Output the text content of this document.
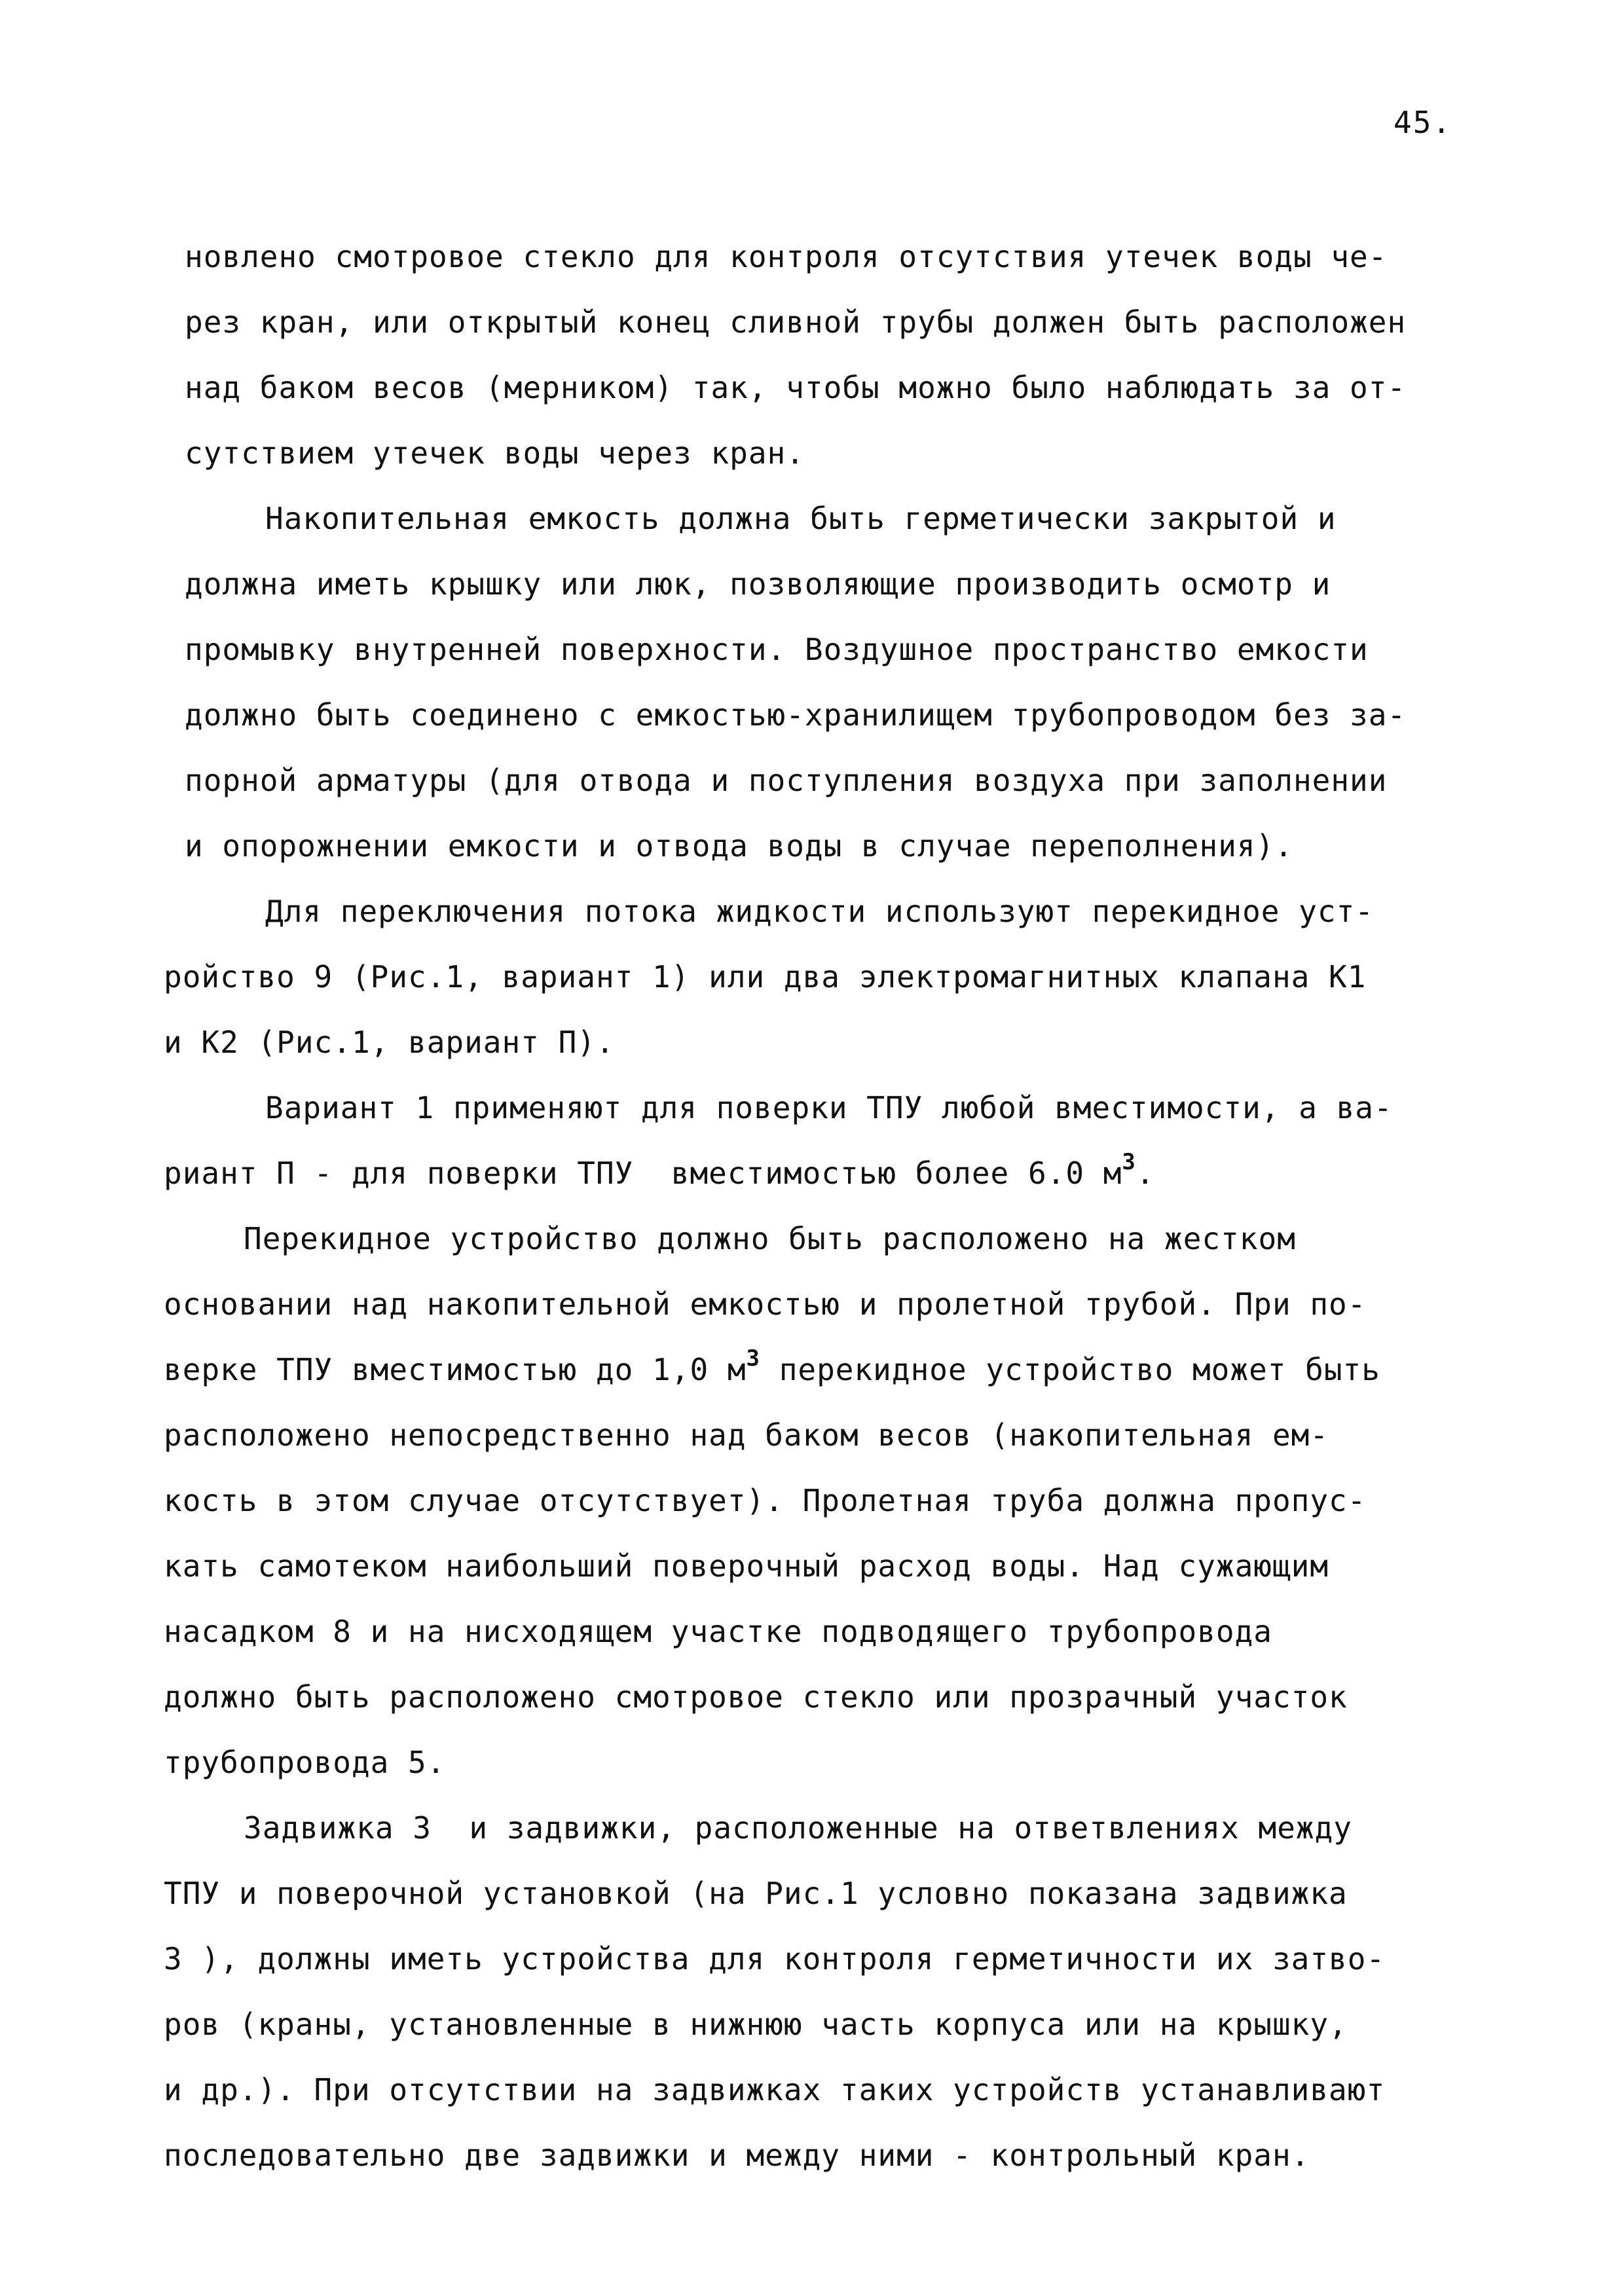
45.
новлено смотровое стекло для контроля отсутствия утечек воды че-
рез кран, или открытый конец сливной трубы должен быть расположен
над баком весов (мерником) так, чтобы можно было наблюдать за от-
сутствием утечек воды через кран.
Накопительная емкость должна быть герметически закрытой и
должна иметь крышку или люк, позволяющие производить осмотр и
промывку внутренней поверхности. Воздушное пространство емкости
должно быть соединено с емкостью-хранилищем трубопроводом без за-
порной арматуры (для отвода и поступления воздуха при заполнении
и опорожнении емкости и отвода воды в случае переполнения).
Для переключения потока жидкости используют перекидное уст-
ройство 9 (Рис.1, вариант 1) или два электромагнитных клапана К1
и К2 (Рис.1, вариант П).
Вариант 1 применяют для поверки ТПУ любой вместимости, а ва-
риант П - для поверки ТПУ  вместимостью более 6.0 $м^3$.
Перекидное устройство должно быть расположено на жестком
основании над накопительной емкостью и пролетной трубой. При по-
верке ТПУ вместимостью до 1,0 $м^3$ перекидное устройство может быть
расположено непосредственно над баком весов (накопительная ем-
кость в этом случае отсутствует). Пролетная труба должна пропус-
кать самотеком наибольший поверочный расход воды. Над сужающим
насадком 8 и на нисходящем участке подводящего трубопровода
должно быть расположено смотровое стекло или прозрачный участок
трубопровода 5.
Задвижка 3  и задвижки, расположенные на ответвлениях между
ТПУ и поверочной установкой (на Рис.1 условно показана задвижка
3 ), должны иметь устройства для контроля герметичности их затво-
ров (краны, установленные в нижнюю часть корпуса или на крышку,
и др.). При отсутствии на задвижках таких устройств устанавливают
последовательно две задвижки и между ними - контрольный кран.
